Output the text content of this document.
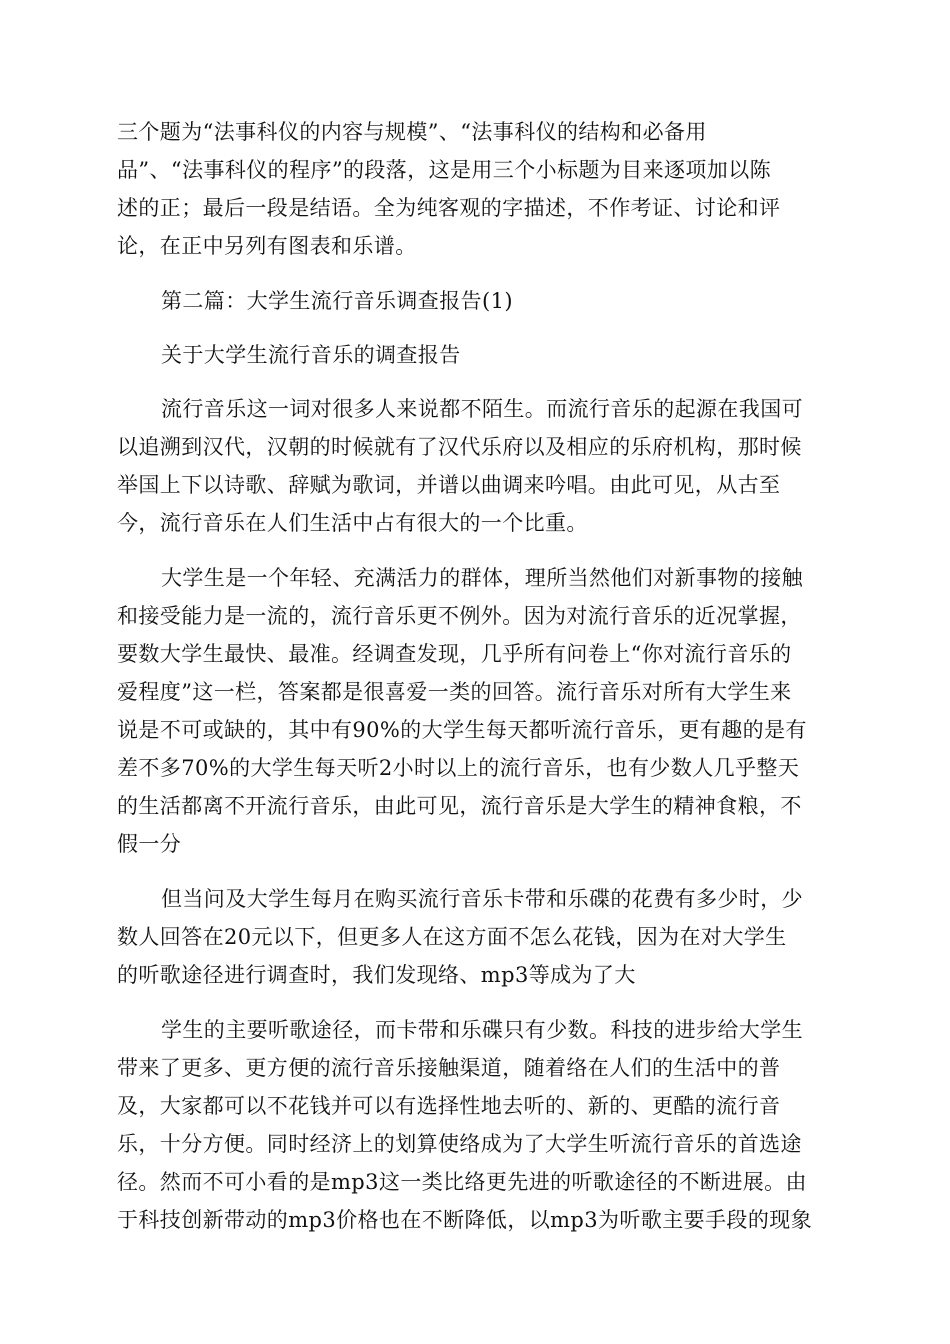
三个题为“法事科仪的内容与规模”、“法事科仪的结构和必备用
品”、“法事科仪的程序”的段落，这是用三个小标题为目来逐项加以陈
述的正；最后一段是结语。全为纯客观的字描述，不作考证、讨论和评
论，在正中另列有图表和乐谱。
第二篇：大学生流行音乐调查报告(1)
关于大学生流行音乐的调查报告
流行音乐这一词对很多人来说都不陌生。而流行音乐的起源在我国可
以追溯到汉代，汉朝的时候就有了汉代乐府以及相应的乐府机构，那时候
举国上下以诗歌、辞赋为歌词，并谱以曲调来吟唱。由此可见，从古至
今，流行音乐在人们生活中占有很大的一个比重。
大学生是一个年轻、充满活力的群体，理所当然他们对新事物的接触
和接受能力是一流的，流行音乐更不例外。因为对流行音乐的近况掌握，
要数大学生最快、最准。经调查发现，几乎所有问卷上“你对流行音乐的
爱程度”这一栏，答案都是很喜爱一类的回答。流行音乐对所有大学生来
说是不可或缺的，其中有90%的大学生每天都听流行音乐，更有趣的是有
差不多70%的大学生每天听2小时以上的流行音乐，也有少数人几乎整天
的生活都离不开流行音乐，由此可见，流行音乐是大学生的精神食粮，不
假一分
但当问及大学生每月在购买流行音乐卡带和乐碟的花费有多少时，少
数人回答在20元以下，但更多人在这方面不怎么花钱，因为在对大学生
的听歌途径进行调查时，我们发现络、mp3等成为了大
学生的主要听歌途径，而卡带和乐碟只有少数。科技的进步给大学生
带来了更多、更方便的流行音乐接触渠道，随着络在人们的生活中的普
及，大家都可以不花钱并可以有选择性地去听的、新的、更酷的流行音
乐，十分方便。同时经济上的划算使络成为了大学生听流行音乐的首选途
径。然而不可小看的是mp3这一类比络更先进的听歌途径的不断进展。由
于科技创新带动的mp3价格也在不断降低，以mp3为听歌主要手段的现象
